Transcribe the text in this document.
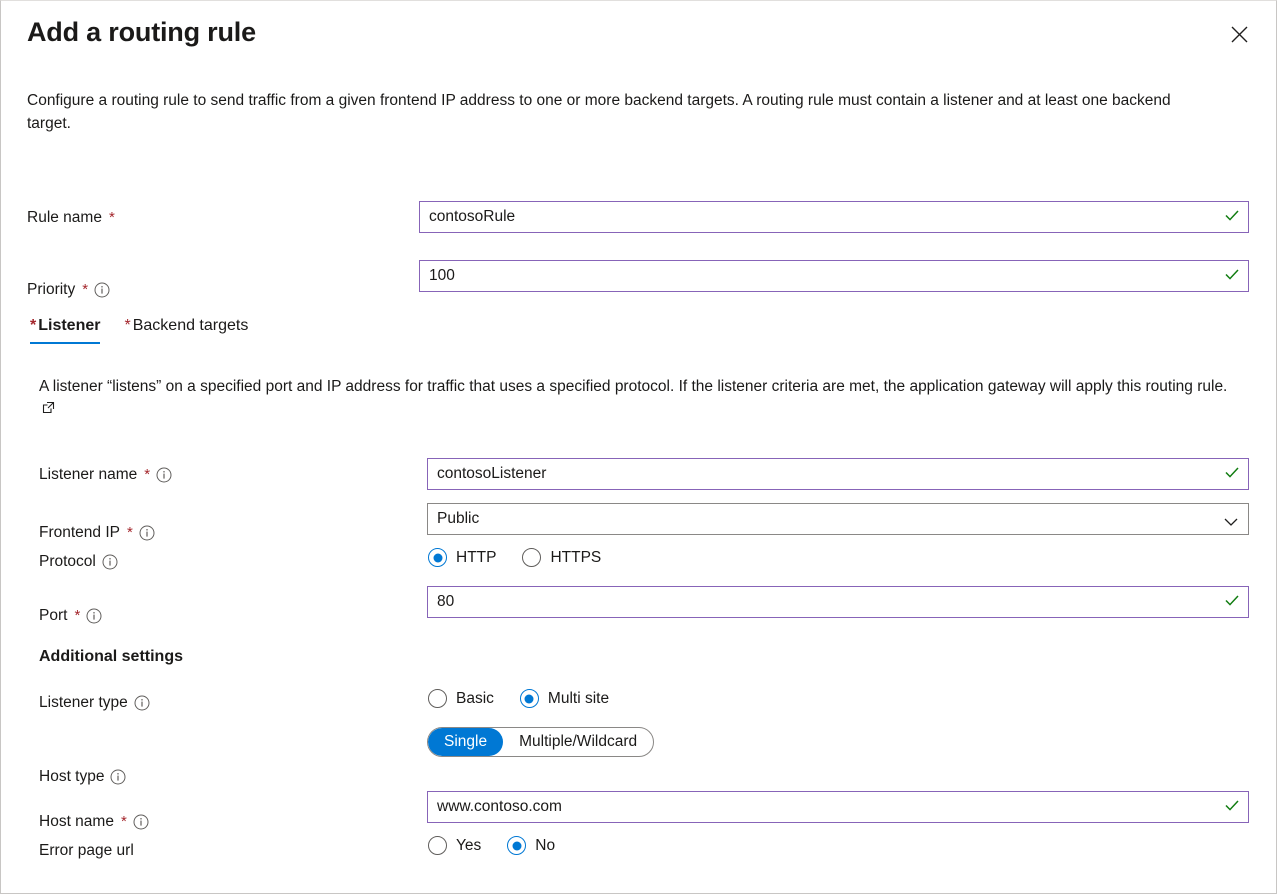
Add a routing rule
Configure a routing rule to send traffic from a given frontend IP address to one or more backend targets. A routing rule must contain a listener and at least one backend target.
Rule name *	contosoRule
Priority *
100
* Listener * Backend targets
A listener “listens” on a specified port and IP address for traffic that uses a specified protocol. If the listener criteria are met, the application gateway will apply this routing rule.
Listener name *	contosoListener
Frontend IP *
Public
Protocol	HTTP	HTTPS
Port *
80
Additional settings
Listener type	Basic	Multi site
Host type
Single	Multiple/Wildcard
Host name *
www.contoso.com
Error page url	Yes	No
